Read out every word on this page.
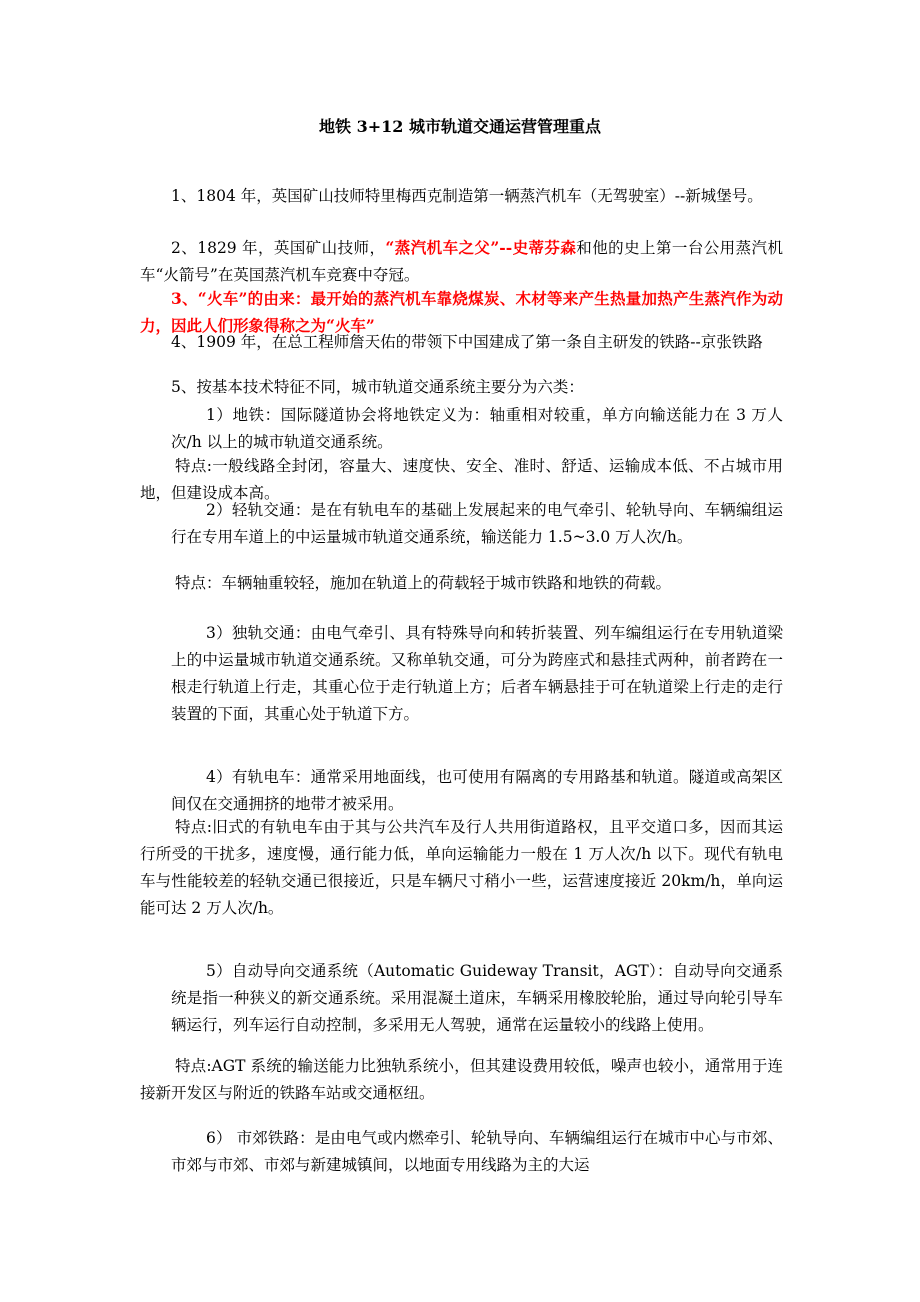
地铁 3+12 城市轨道交通运营管理重点

1、1804 年，英国矿山技师特里梅西克制造第一辆蒸汽机车（无驾驶室）--新城堡号。

2、1829 年，英国矿山技师，“蒸汽机车之父”--史蒂芬森和他的史上第一台公用蒸汽机车“火箭号”在英国蒸汽机车竞赛中夺冠。

3、“火车”的由来：最开始的蒸汽机车靠烧煤炭、木材等来产生热量加热产生蒸汽作为动力，因此人们形象得称之为“火车”

4、1909 年，在总工程师詹天佑的带领下中国建成了第一条自主研发的铁路--京张铁路

5、按基本技术特征不同，城市轨道交通系统主要分为六类：

1）地铁：国际隧道协会将地铁定义为：轴重相对较重，单方向输送能力在 3 万人次/h 以上的城市轨道交通系统。

特点:一般线路全封闭，容量大、速度快、安全、准时、舒适、运输成本低、不占城市用地，但建设成本高。

2）轻轨交通：是在有轨电车的基础上发展起来的电气牵引、轮轨导向、车辆编组运行在专用车道上的中运量城市轨道交通系统，输送能力 1.5~3.0 万人次/h。

特点：车辆轴重较轻，施加在轨道上的荷载轻于城市铁路和地铁的荷载。

3）独轨交通：由电气牵引、具有特殊导向和转折装置、列车编组运行在专用轨道梁上的中运量城市轨道交通系统。又称单轨交通，可分为跨座式和悬挂式两种，前者跨在一根走行轨道上行走，其重心位于走行轨道上方；后者车辆悬挂于可在轨道梁上行走的走行装置的下面，其重心处于轨道下方。

4）有轨电车：通常采用地面线，也可使用有隔离的专用路基和轨道。隧道或高架区间仅在交通拥挤的地带才被采用。

特点:旧式的有轨电车由于其与公共汽车及行人共用街道路权，且平交道口多，因而其运行所受的干扰多，速度慢，通行能力低，单向运输能力一般在 1 万人次/h 以下。现代有轨电车与性能较差的轻轨交通已很接近，只是车辆尺寸稍小一些，运营速度接近 20km/h，单向运能可达 2 万人次/h。

5）自动导向交通系统（Automatic Guideway Transit，AGT）：自动导向交通系统是指一种狭义的新交通系统。采用混凝土道床，车辆采用橡胶轮胎，通过导向轮引导车辆运行，列车运行自动控制，多采用无人驾驶，通常在运量较小的线路上使用。

特点:AGT 系统的输送能力比独轨系统小，但其建设费用较低，噪声也较小，通常用于连接新开发区与附近的铁路车站或交通枢纽。

6） 市郊铁路：是由电气或内燃牵引、轮轨导向、车辆编组运行在城市中心与市郊、市郊与市郊、市郊与新建城镇间，以地面专用线路为主的大运
